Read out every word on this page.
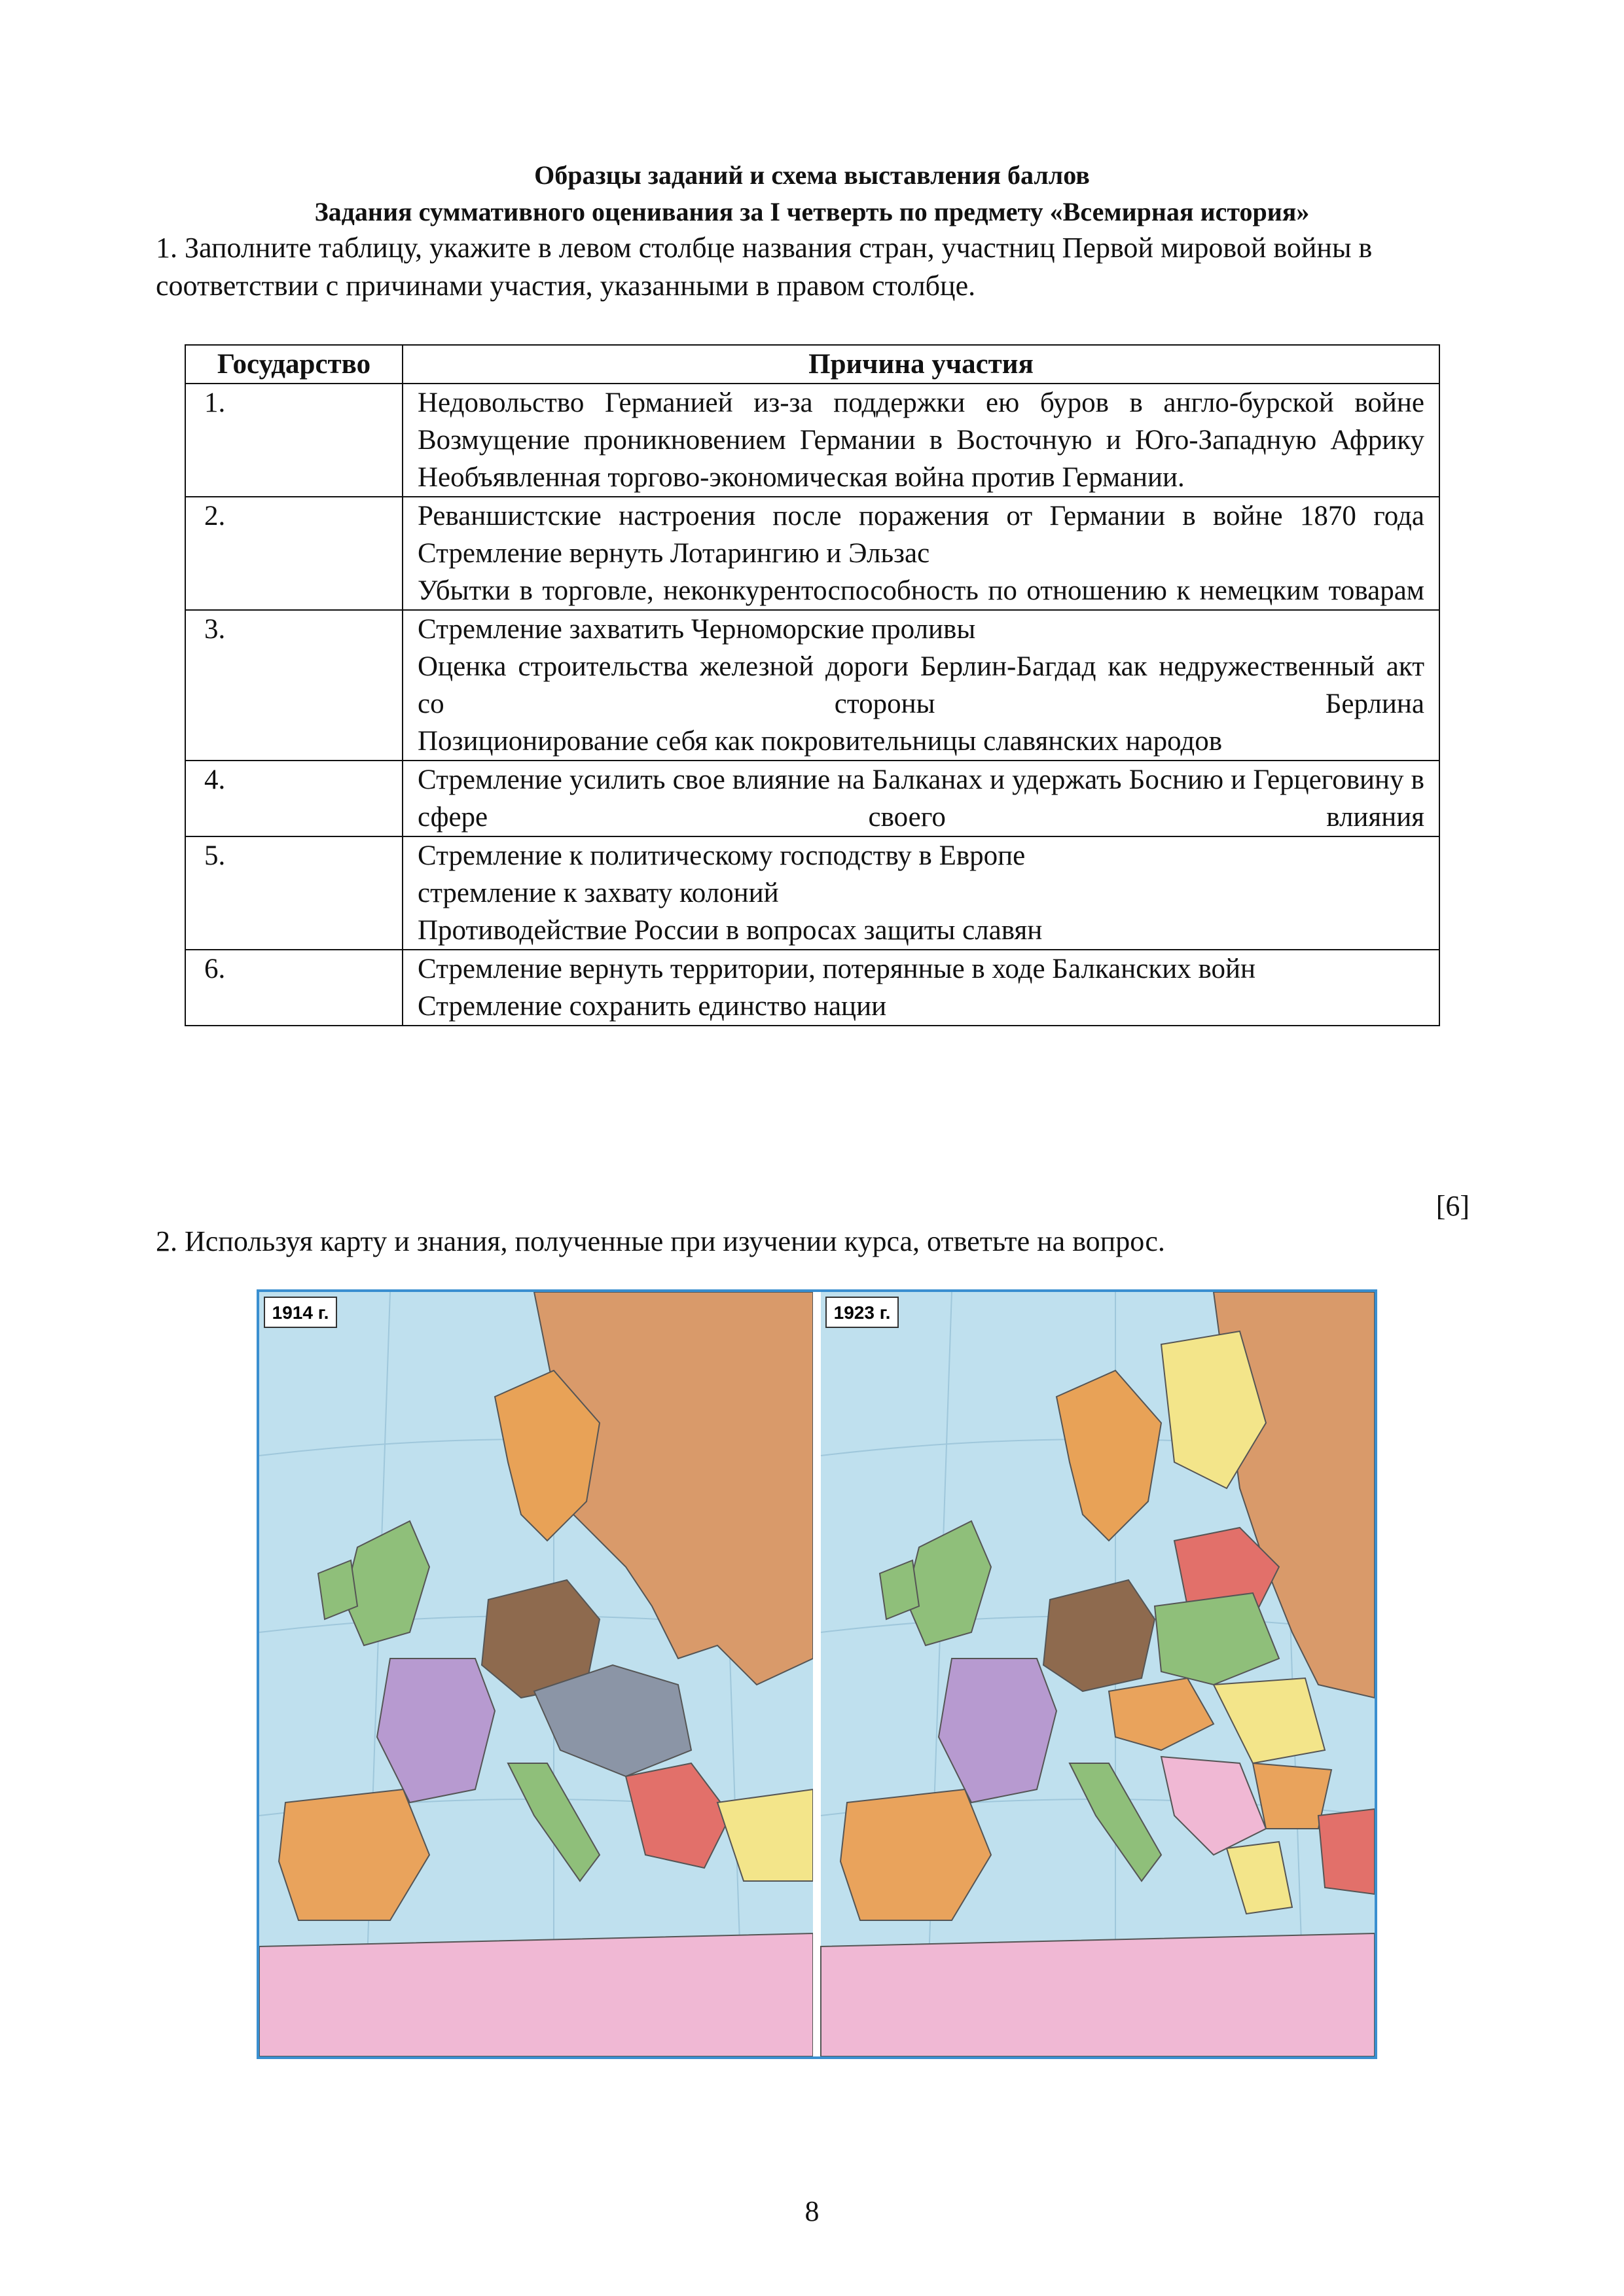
Образцы заданий и схема выставления баллов
Задания суммативного оценивания за I четверть по предмету «Всемирная история»
1. Заполните таблицу, укажите в левом столбце названия стран, участниц Первой мировой войны в соответствии с причинами участия, указанными в правом столбце.
Государство	Причина участия
1.	Недовольство Германией из-за поддержки ею буров в англо-бурской войне
Возмущение проникновением Германии в Восточную и Юго-Западную Африку
Необъявленная торгово-экономическая война против Германии.

2.	Реваншистские настроения после поражения от Германии в войне 1870 года
Стремление вернуть Лотарингию и Эльзас
Убытки в торговле, неконкурентоспособность по отношению к немецким товарам

3.	Стремление захватить Черноморские проливы
Оценка строительства железной дороги Берлин-Багдад как недружественный акт со стороны Берлина
Позиционирование себя как покровительницы славянских народов

4.	Стремление усилить свое влияние на Балканах и удержать Боснию и Герцеговину в сфере своего влияния

5.	Стремление к политическому господству в Европе
стремление к захвату колоний
Противодействие России в вопросах защиты славян

6.	Стремление вернуть территории, потерянные в ходе Балканских войн
Стремление сохранить единство нации
[6]
2. Используя карту и знания, полученные при изучении курса, ответьте на вопрос.
1914 г.	1923 г.
8
